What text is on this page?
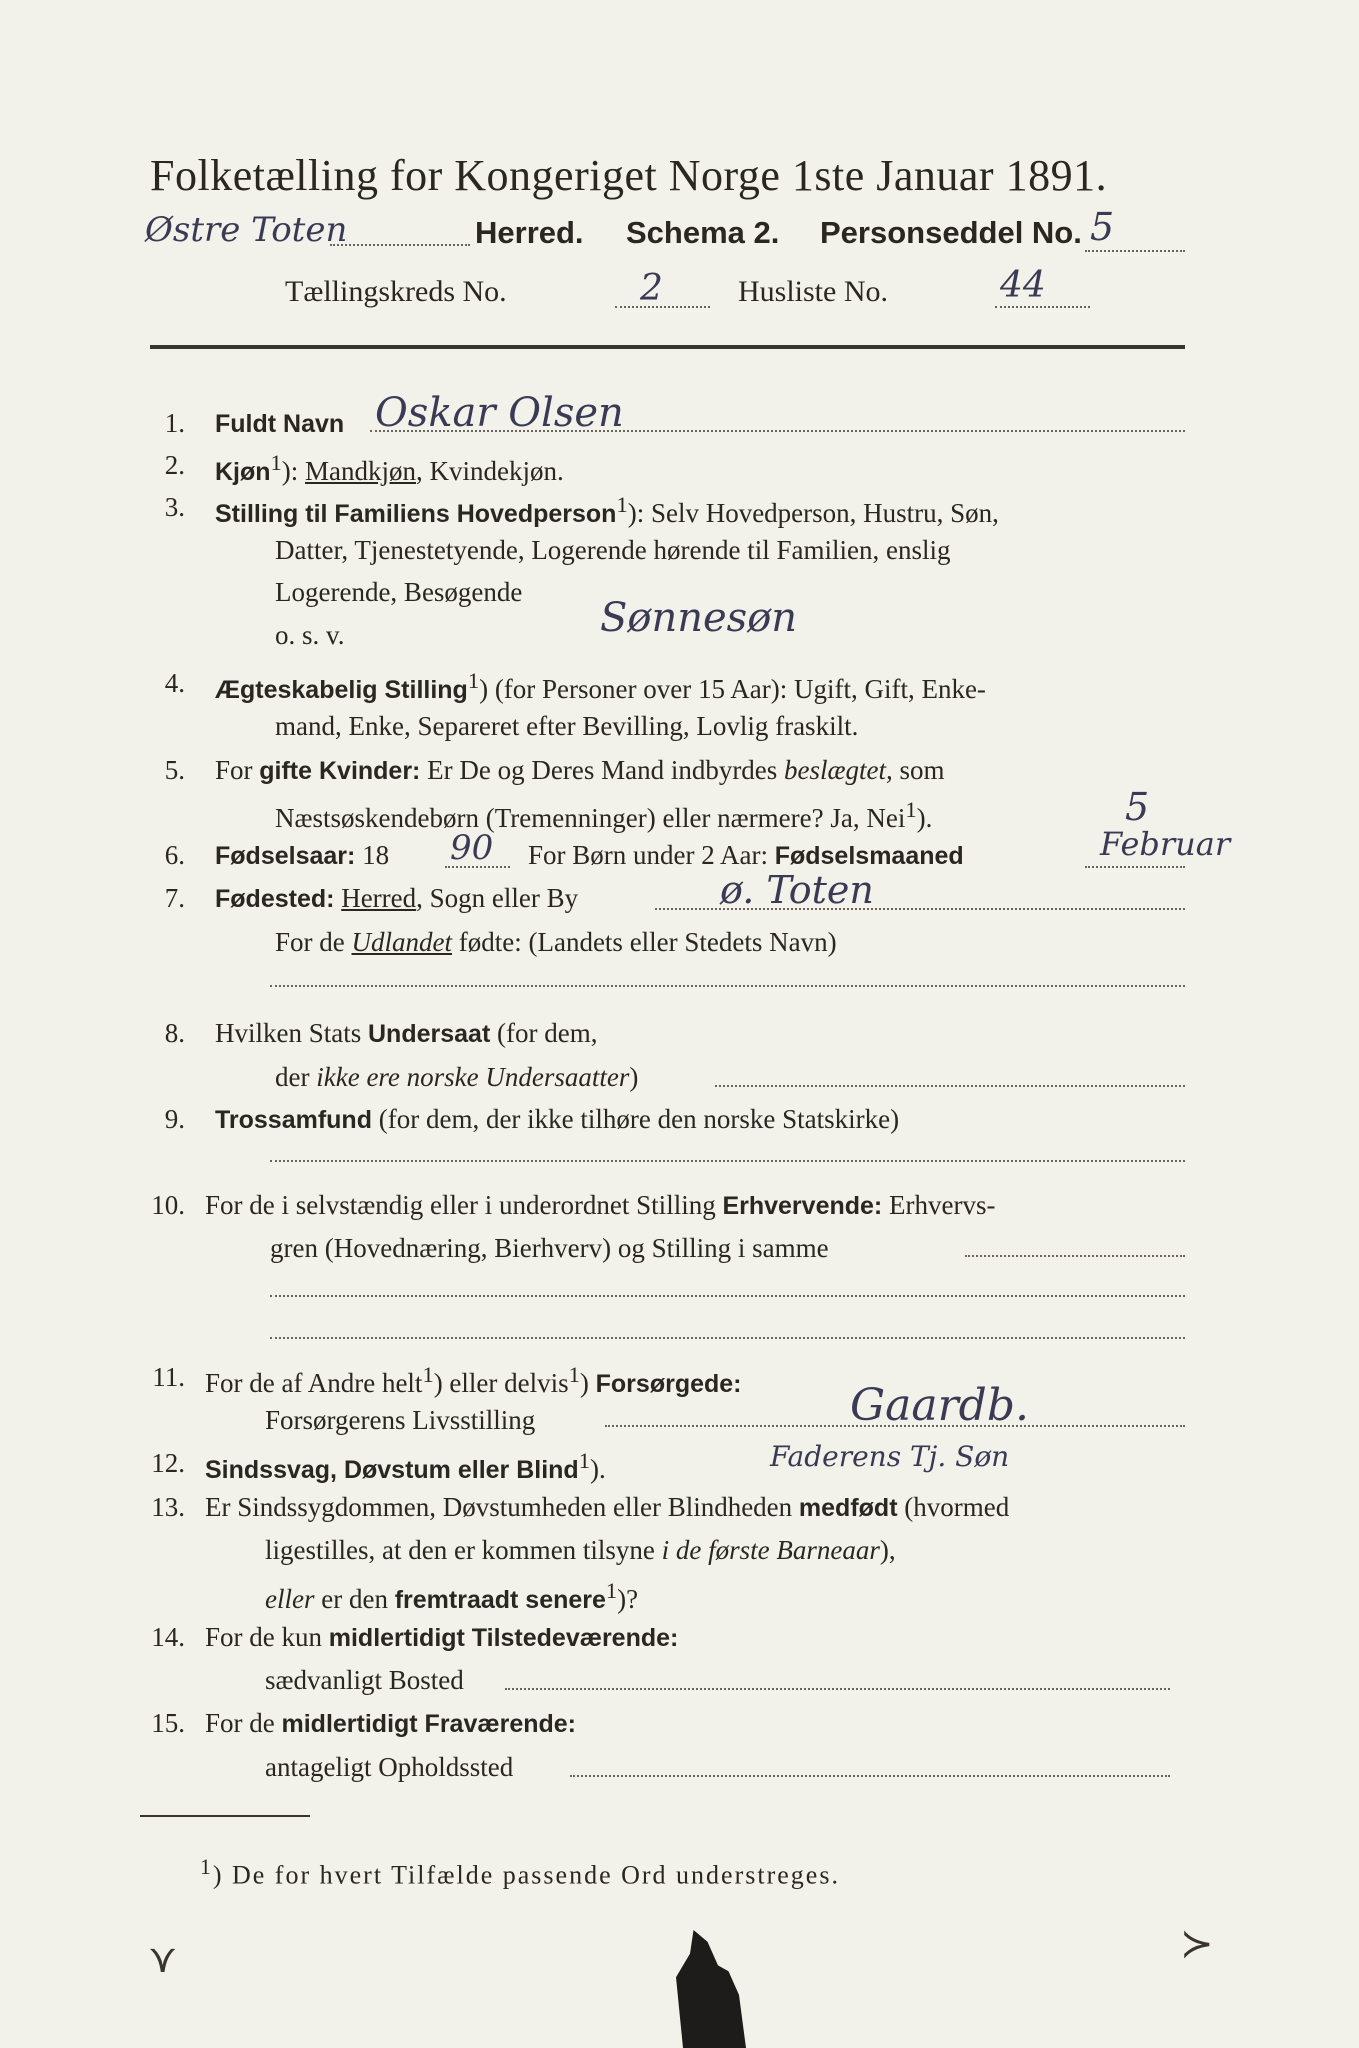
Folketælling for Kongeriget Norge 1ste Januar 1891.
Østre Toten	Herred. Schema 2. Personseddel No. 5
Tællingskreds No.	2	Husliste No.	44
1. Fuldt Navn Oskar Olsen
2. Kjøn$^1$): Mandkjøn, Kvindekjøn.
3. Stilling til Familiens Hovedperson$^1$): Selv Hovedperson, Hustru, Søn,
Datter, Tjenestetyende, Logerende hørende til Familien, enslig
Logerende, Besøgende
o. s. v.	Sønnesøn
4. Ægteskabelig Stilling$^1$) (for Personer over 15 Aar): Ugift, Gift, Enke-
mand, Enke, Separeret efter Bevilling, Lovlig fraskilt.
5. For gifte Kvinder: Er De og Deres Mand indbyrdes beslægtet, som
Næstsøskendebørn (Tremenninger) eller nærmere? Ja, Nei$^1$).	5
6. Fødselsaar: 18 90 For Børn under 2 Aar: Fødselsmaaned	Februar
7. Fødested: Herred, Sogn eller By	ø. Toten
For de Udlandet fødte: (Landets eller Stedets Navn)
8. Hvilken Stats Undersaat (for dem,
der ikke ere norske Undersaatter)
9. Trossamfund (for dem, der ikke tilhøre den norske Statskirke)
10. For de i selvstændig eller i underordnet Stilling Erhvervende: Erhvervs-
gren (Hovednæring, Bierhverv) og Stilling i samme
11. For de af Andre helt$^1$) eller delvis$^1$) Forsørgede:
Forsørgerens Livsstilling	Gaardb.
12. Sindssvag, Døvstum eller Blind$^1$).	Faderens Tj. Søn
13. Er Sindssygdommen, Døvstumheden eller Blindheden medfødt (hvormed
ligestilles, at den er kommen tilsyne i de første Barneaar),
eller er den fremtraadt senere$^1$)?
14. For de kun midlertidigt Tilstedeværende:
sædvanligt Bosted
15. For de midlertidigt Fraværende:
antageligt Opholdssted
$^1$) De for hvert Tilfælde passende Ord understreges.
⋎	≻
